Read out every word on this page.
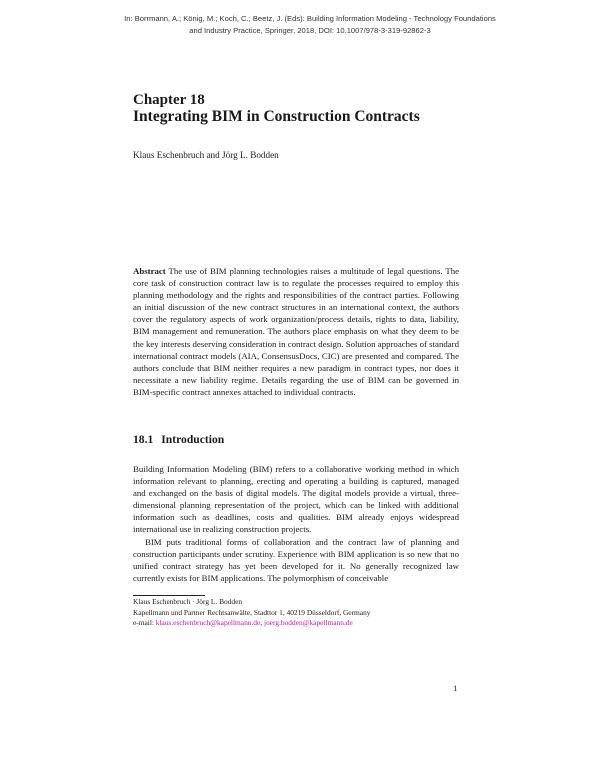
In: Borrmann, A.; König, M.; Koch, C.; Beetz, J. (Eds): Building Information Modeling - Technology Foundations
and Industry Practice, Springer, 2018, DOI: 10.1007/978-3-319-92862-3
Chapter 18
Integrating BIM in Construction Contracts
Klaus Eschenbruch and Jörg L. Bodden
Abstract The use of BIM planning technologies raises a multitude of legal questions. The core task of construction contract law is to regulate the processes required to employ this planning methodology and the rights and responsibilities of the contract parties. Following an initial discussion of the new contract structures in an international context, the authors cover the regulatory aspects of work organization/process details, rights to data, liability, BIM management and remuneration. The authors place emphasis on what they deem to be the key interests deserving consideration in contract design. Solution approaches of standard international contract models (AIA, ConsensusDocs, CIC) are presented and compared. The authors conclude that BIM neither requires a new paradigm in contract types, nor does it necessitate a new liability regime. Details regarding the use of BIM can be governed in BIM-specific contract annexes attached to individual contracts.
18.1 Introduction

Building Information Modeling (BIM) refers to a collaborative working method in which information relevant to planning, erecting and operating a building is captured, managed and exchanged on the basis of digital models. The digital models provide a virtual, three-dimensional planning representation of the project, which can be linked with additional information such as deadlines, costs and qualities. BIM already enjoys widespread international use in realizing construction projects.

BIM puts traditional forms of collaboration and the contract law of planning and construction participants under scrutiny. Experience with BIM application is so new that no unified contract strategy has yet been developed for it. No generally recognized law currently exists for BIM applications. The polymorphism of conceivable

Klaus Eschenbruch · Jörg L. Bodden
Kapellmann und Partner Rechtsanwälte, Stadttor 1, 40219 Düsseldorf, Germany
e-mail: klaus.eschenbruch@kapellmann.de, joerg.bodden@kapellmann.de
1
